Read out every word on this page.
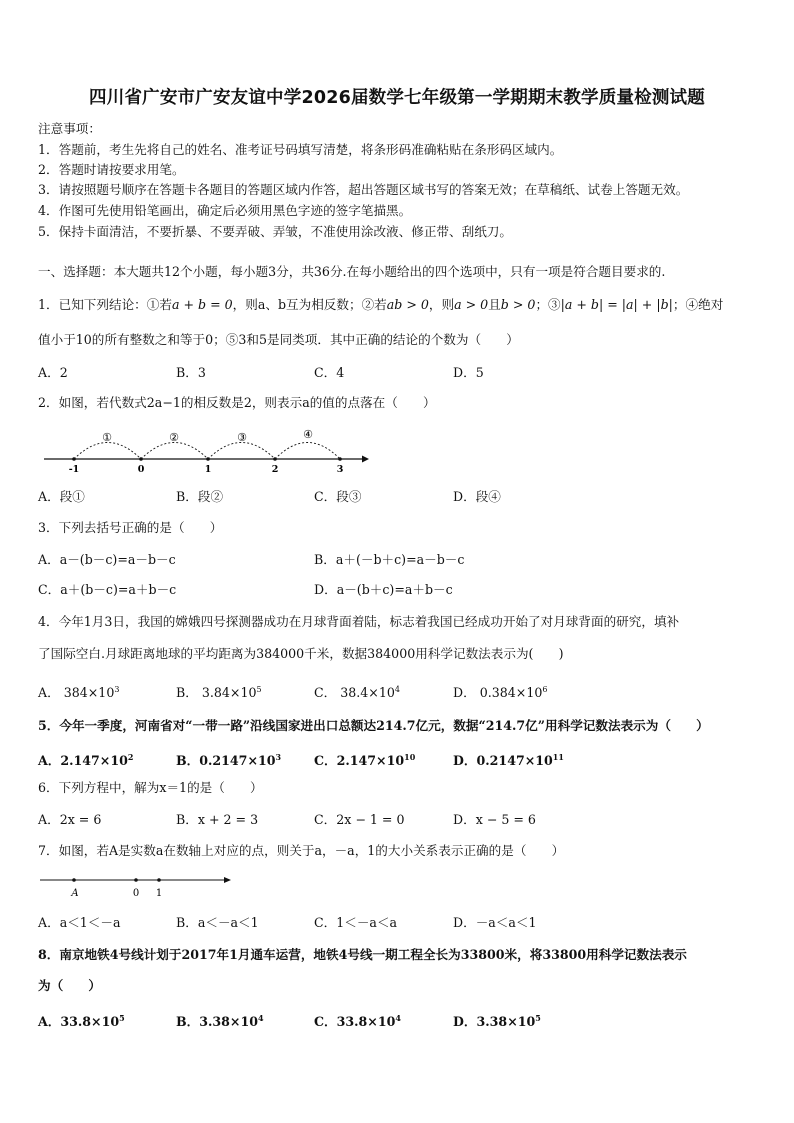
四川省广安市广安友谊中学2026届数学七年级第一学期期末教学质量检测试题
注意事项：
1．答题前，考生先将自己的姓名、准考证号码填写清楚，将条形码准确粘贴在条形码区域内。
2．答题时请按要求用笔。
3．请按照题号顺序在答题卡各题目的答题区域内作答，超出答题区域书写的答案无效；在草稿纸、试卷上答题无效。
4．作图可先使用铅笔画出，确定后必须用黑色字迹的签字笔描黑。
5．保持卡面清洁，不要折暴、不要弄破、弄皱，不准使用涂改液、修正带、刮纸刀。
一、选择题：本大题共12个小题，每小题3分，共36分.在每小题给出的四个选项中，只有一项是符合题目要求的.
1．已知下列结论：①若a + b = 0，则a、b互为相反数；②若ab > 0，则a > 0且b > 0；③|a + b| = |a| + |b|；④绝对
值小于10的所有整数之和等于0；⑤3和5是同类项．其中正确的结论的个数为（　　）
A．2	B．3	C．4	D．5
2．如图，若代数式2a−1的相反数是2，则表示a的值的点落在（　　）
①	②	③	④
-1	0	1	2	3
A．段①	B．段②	C．段③	D．段④
3．下列去括号正确的是（　　）
A．a－(b－c)=a－b－c	B．a＋(－b＋c)=a－b－c
C．a＋(b－c)=a＋b－c	D．a－(b＋c)=a＋b－c
4．今年1月3日，我国的嫦娥四号探测器成功在月球背面着陆，标志着我国已经成功开始了对月球背面的研究，填补
了国际空白.月球距离地球的平均距离为384000千米，数据384000用科学记数法表示为(　　)
A． $384\times 10^3$	B． $3.84\times 10^5$	C． $38.4\times 10^4$	D． $0.384\times 10^6$
5．今年一季度，河南省对“一带一路”沿线国家进出口总额达214.7亿元，数据“214.7亿”用科学记数法表示为（　　）
A．$2.147\times 10^2$	B．$0.2147\times 10^3$	C．$2.147\times 10^{10}$	D．$0.2147\times 10^{11}$
6．下列方程中，解为x＝1的是（　　）
A．2x = 6	B．x + 2 = 3	C．2x − 1 = 0	D．x − 5 = 6
7．如图，若A是实数a在数轴上对应的点，则关于a，－a，1的大小关系表示正确的是（　　）
A	0 1
A．a＜1＜－a	B．a＜－a＜1	C．1＜－a＜a	D．－a＜a＜1
8．南京地铁4号线计划于2017年1月通车运营，地铁4号线一期工程全长为33800米，将33800用科学记数法表示
为（　　）
A．$33.8\times 10^5$	B．$3.38\times 10^4$	C．$33.8\times 10^4$	D．$3.38\times 10^5$
